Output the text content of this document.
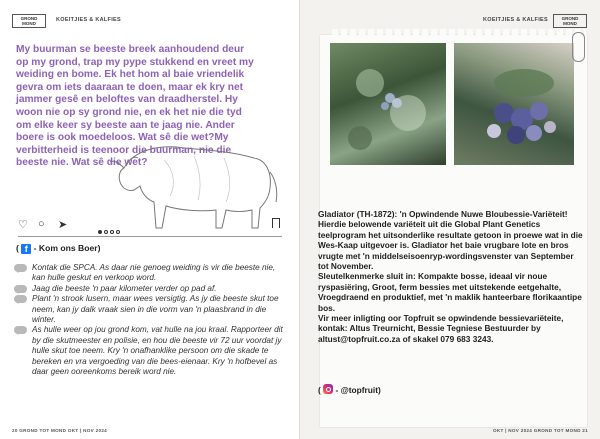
GROND
MOND
KOEITJIES & KALFIES
My buurman se beeste breek aanhoudend deur op my grond, trap my pype stukkend en vreet my weiding en bome. Ek het hom al baie vriendelik gevra om iets daaraan te doen, maar ek kry net jammer gesê en beloftes van draadherstel. Hy woon nie op sy grond nie, en ek het nie die tyd om elke keer sy beeste aan te jaag nie. Ander boere is ook moedeloos. Wat sê die wet?My verbitterheid is teenoor die buurman, nie die beeste nie. Wat sê die wet?
♡ ○ ➤
( f - Kom ons Boer)
Kontak die SPCA. As daar nie genoeg weiding is vir die beeste nie, kan hulle geskut en verkoop word.
Jaag die beeste 'n paar kilometer verder op pad af.
Plant 'n strook lusern, maar wees versigtig. As jy die beeste skut toe neem, kan jy dalk vraak sien in die vorm van 'n plaasbrand in die winter.
As hulle weer op jou grond kom, vat hulle na jou kraal. Rapporteer dit by die skutmeester en polisie, en hou die beeste vir 72 uur voordat jy hulle skut toe neem. Kry 'n onafhanklike persoon om die skade te bereken en vra vergoeding van die bees-eienaar. Kry 'n hofbevel as daar geen ooreenkoms bereik word nie.
20 GROND TOT MOND OKT | NOV 2024
KOEITJIES & KALFIES	GROND
MOND

Gladiator (TH-1872): 'n Opwindende Nuwe Bloubessie-Variëteit!

Hierdie belowende variëteit uit die Global Plant Genetics teelprogram het uitsonderlike resultate getoon in proewe wat in die Wes-Kaap uitgevoer is. Gladiator het baie vrugbare lote en bros vrugte met 'n middelseisoenryp-wordingsvenster van September tot November.

Sleutelkenmerke sluit in: Kompakte bosse, ideaal vir noue ryspasiëring, Groot, ferm bessies met uitstekende eetgehalte, Vroegdraend en produktief, met 'n maklik hanteerbare florikaantipe bos.

Vir meer inligting oor Topfruit se opwindende bessievariëteite, kontak: Altus Treurnicht, Bessie Tegniese Bestuurder by altust@topfruit.co.za of skakel 079 683 3243.

(  - @topfruit)
OKT | NOV 2024 GROND TOT MOND 21
